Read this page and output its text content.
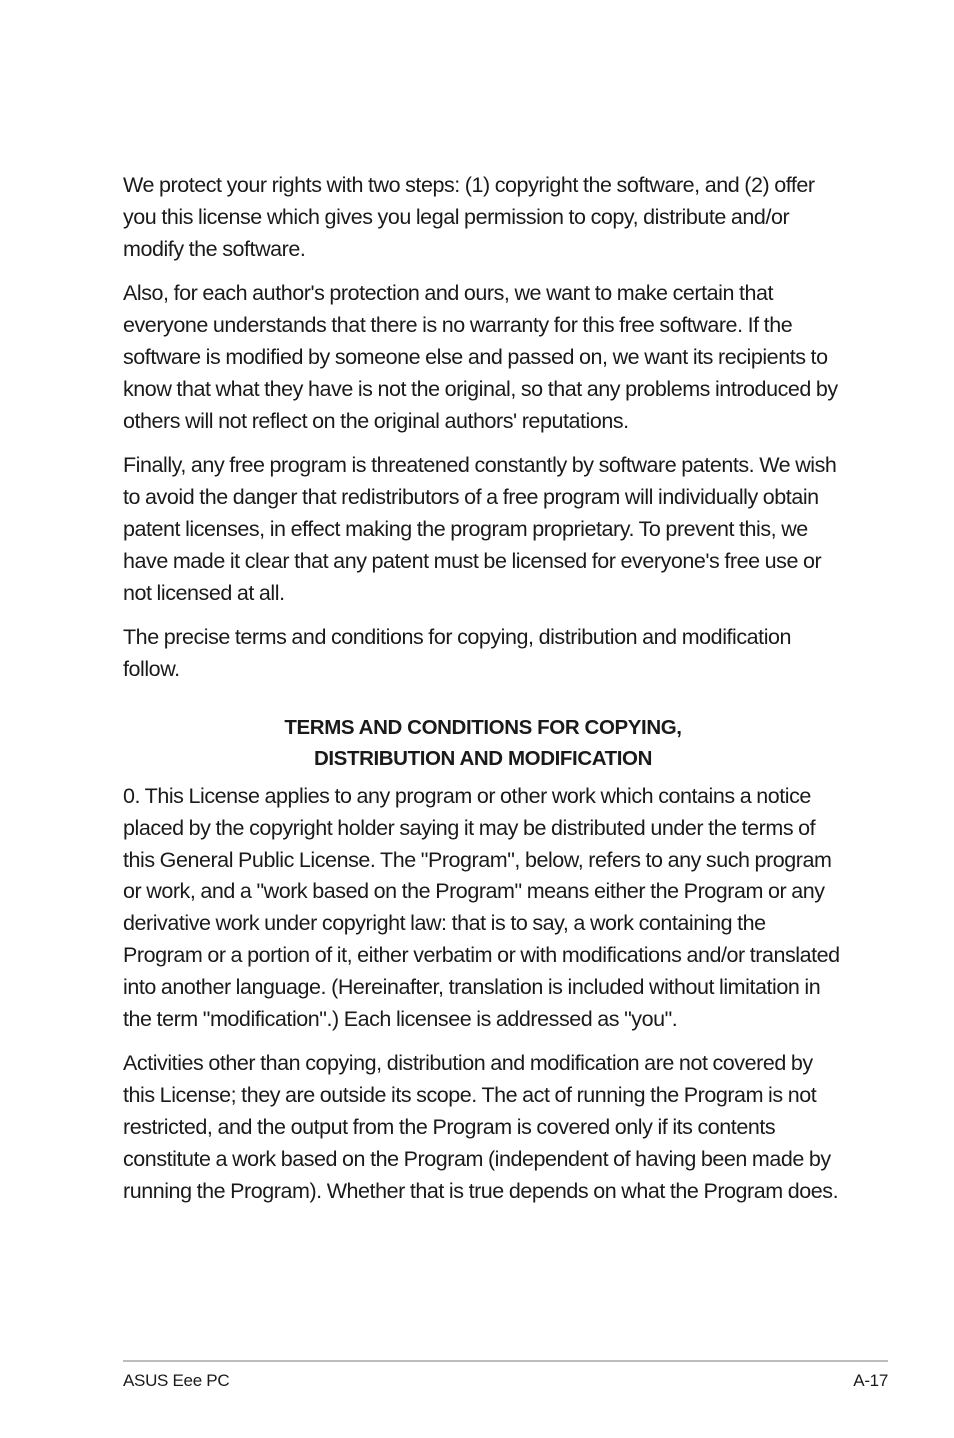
We protect your rights with two steps: (1) copyright the software, and (2) offer you this license which gives you legal permission to copy, distribute and/or modify the software.

Also, for each author's protection and ours, we want to make certain that everyone understands that there is no warranty for this free software. If the software is modified by someone else and passed on, we want its recipients to know that what they have is not the original, so that any problems introduced by others will not reflect on the original authors' reputations.

Finally, any free program is threatened constantly by software patents. We wish to avoid the danger that redistributors of a free program will individually obtain patent licenses, in effect making the program proprietary. To prevent this, we have made it clear that any patent must be licensed for everyone's free use or not licensed at all.

The precise terms and conditions for copying, distribution and modification follow.

TERMS AND CONDITIONS FOR COPYING,
DISTRIBUTION AND MODIFICATION

0. This License applies to any program or other work which contains a notice placed by the copyright holder saying it may be distributed under the terms of this General Public License. The "Program", below, refers to any such program or work, and a "work based on the Program" means either the Program or any derivative work under copyright law: that is to say, a work containing the Program or a portion of it, either verbatim or with modifications and/or translated into another language. (Hereinafter, translation is included without limitation in the term "modification".) Each licensee is addressed as "you".

Activities other than copying, distribution and modification are not covered by this License; they are outside its scope. The act of running the Program is not restricted, and the output from the Program is covered only if its contents constitute a work based on the Program (independent of having been made by running the Program). Whether that is true depends on what the Program does.

ASUS Eee PC	A-17
